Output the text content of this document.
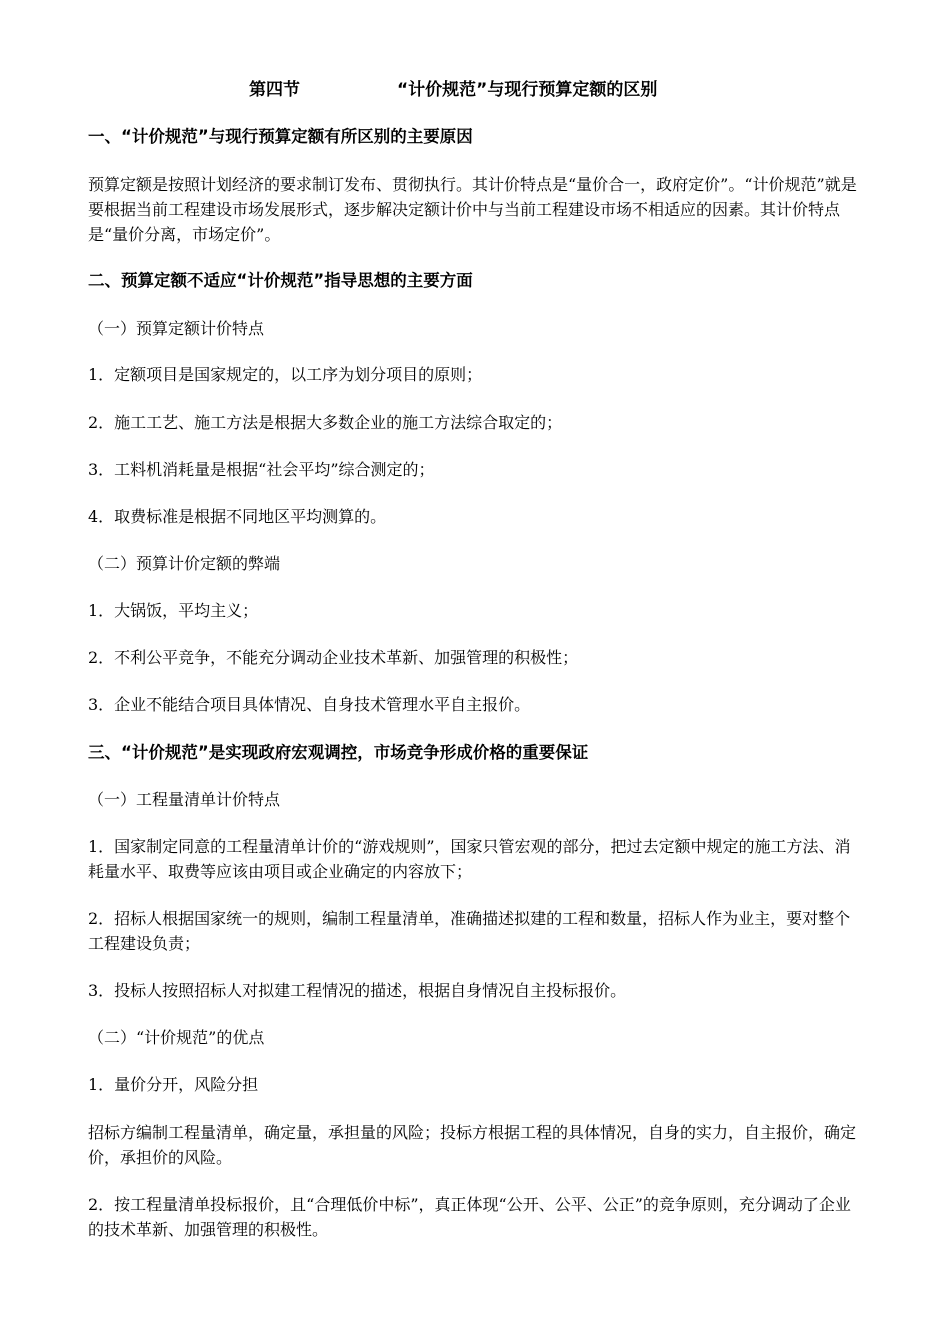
第四节	“计价规范”与现行预算定额的区别
一、“计价规范”与现行预算定额有所区别的主要原因
预算定额是按照计划经济的要求制订发布、贯彻执行。其计价特点是“量价合一，政府定价”。“计价规范”就是要根据当前工程建设市场发展形式，逐步解决定额计价中与当前工程建设市场不相适应的因素。其计价特点是“量价分离，市场定价”。
二、预算定额不适应“计价规范”指导思想的主要方面
（一）预算定额计价特点
1．定额项目是国家规定的，以工序为划分项目的原则；
2．施工工艺、施工方法是根据大多数企业的施工方法综合取定的；
3．工料机消耗量是根据“社会平均”综合测定的；
4．取费标准是根据不同地区平均测算的。
（二）预算计价定额的弊端
1．大锅饭，平均主义；
2．不利公平竞争，不能充分调动企业技术革新、加强管理的积极性；
3．企业不能结合项目具体情况、自身技术管理水平自主报价。
三、“计价规范”是实现政府宏观调控，市场竞争形成价格的重要保证
（一）工程量清单计价特点
1．国家制定同意的工程量清单计价的“游戏规则”，国家只管宏观的部分，把过去定额中规定的施工方法、消耗量水平、取费等应该由项目或企业确定的内容放下；
2．招标人根据国家统一的规则，编制工程量清单，准确描述拟建的工程和数量，招标人作为业主，要对整个工程建设负责；
3．投标人按照招标人对拟建工程情况的描述，根据自身情况自主投标报价。
（二）“计价规范”的优点
1．量价分开，风险分担
招标方编制工程量清单，确定量，承担量的风险；投标方根据工程的具体情况，自身的实力，自主报价，确定价，承担价的风险。
2．按工程量清单投标报价，且“合理低价中标”，真正体现“公开、公平、公正”的竞争原则，充分调动了企业的技术革新、加强管理的积极性。
